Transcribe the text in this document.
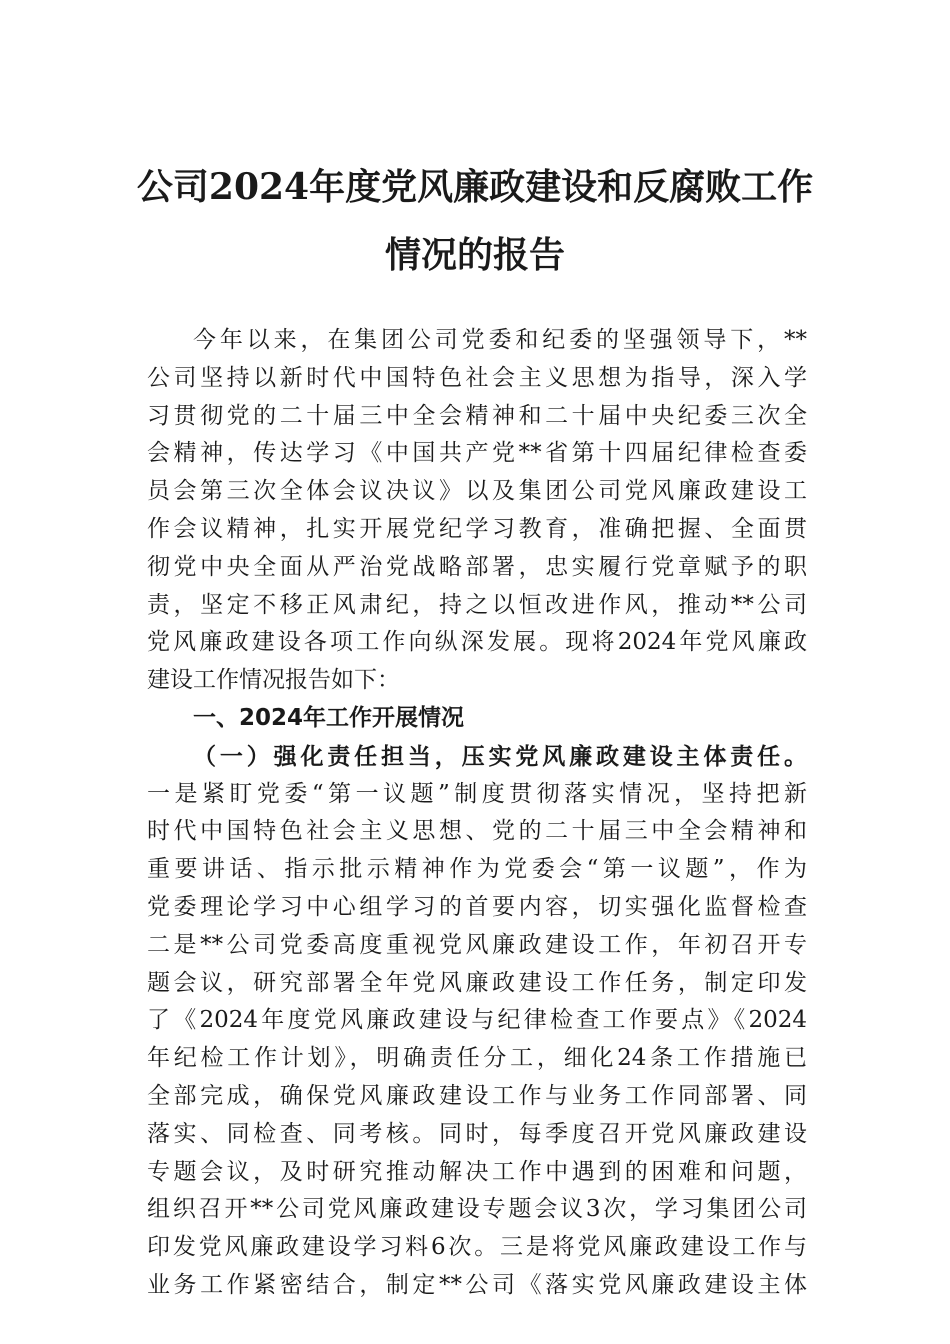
公司2024年度党风廉政建设和反腐败工作
情况的报告
今年以来，在集团公司党委和纪委的坚强领导下，**
公司坚持以新时代中国特色社会主义思想为指导，深入学
习贯彻党的二十届三中全会精神和二十届中央纪委三次全
会精神，传达学习《中国共产党**省第十四届纪律检查委
员会第三次全体会议决议》以及集团公司党风廉政建设工
作会议精神，扎实开展党纪学习教育，准确把握、全面贯
彻党中央全面从严治党战略部署，忠实履行党章赋予的职
责，坚定不移正风肃纪，持之以恒改进作风，推动**公司
党风廉政建设各项工作向纵深发展。现将2024年党风廉政
建设工作情况报告如下：
一、2024年工作开展情况
（一）强化责任担当，压实党风廉政建设主体责任。
一是紧盯党委“第一议题”制度贯彻落实情况，坚持把新
时代中国特色社会主义思想、党的二十届三中全会精神和
重要讲话、指示批示精神作为党委会“第一议题”，作为
党委理论学习中心组学习的首要内容，切实强化监督检查
二是**公司党委高度重视党风廉政建设工作，年初召开专
题会议，研究部署全年党风廉政建设工作任务，制定印发
了《2024年度党风廉政建设与纪律检查工作要点》《2024
年纪检工作计划》，明确责任分工，细化24条工作措施已
全部完成，确保党风廉政建设工作与业务工作同部署、同
落实、同检查、同考核。同时，每季度召开党风廉政建设
专题会议，及时研究推动解决工作中遇到的困难和问题，
组织召开**公司党风廉政建设专题会议3次，学习集团公司
印发党风廉政建设学习料6次。三是将党风廉政建设工作与
业务工作紧密结合，制定**公司《落实党风廉政建设主体
